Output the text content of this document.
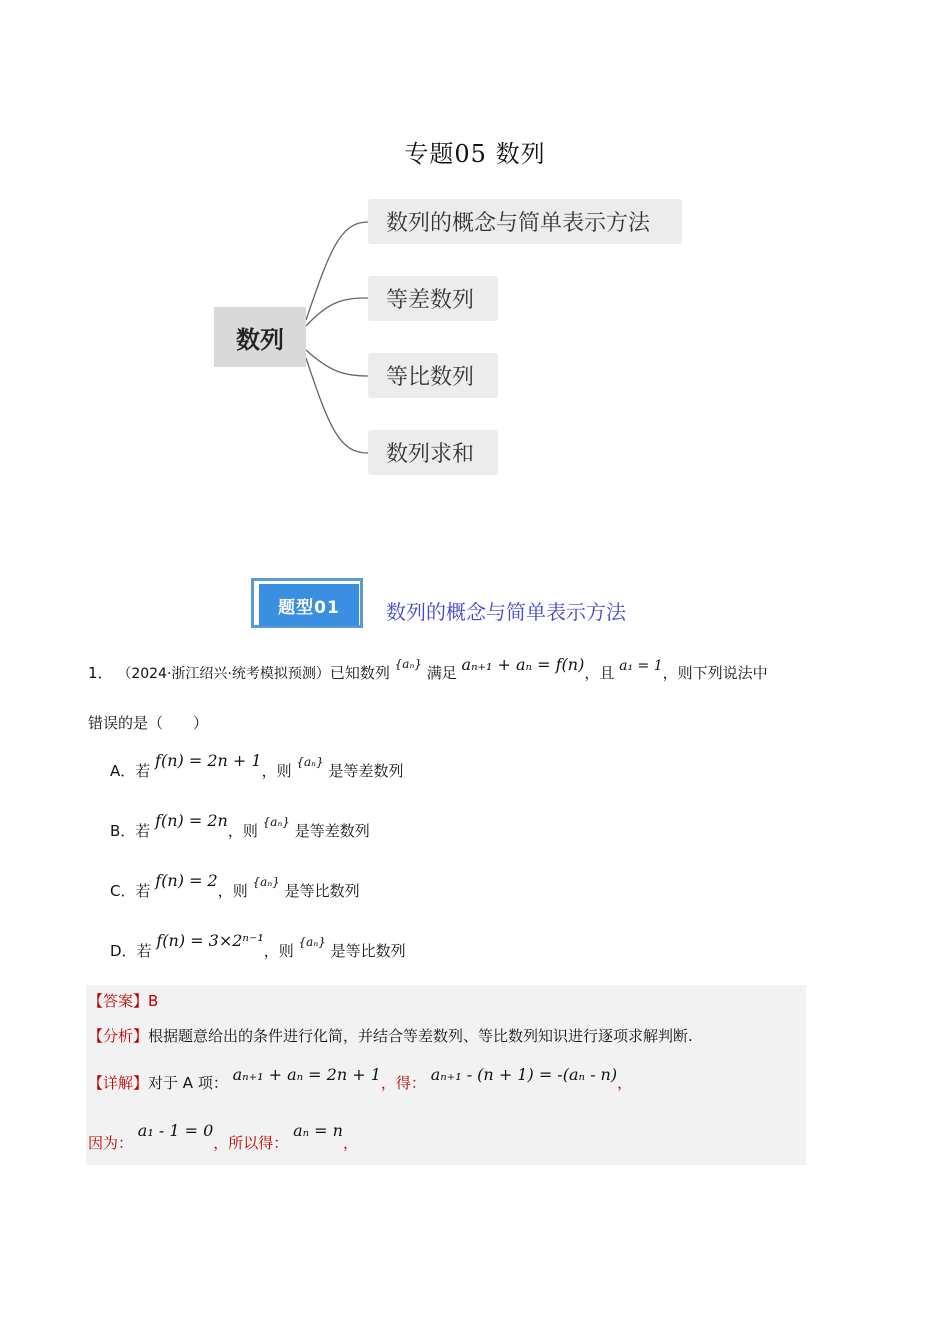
专题05 数列
数列
数列的概念与简单表示方法
等差数列
等比数列
数列求和
题型01	数列的概念与简单表示方法
1． （2024·浙江绍兴·统考模拟预测）已知数列 $^{\{a_n\}}$ 满足 aₙ₊₁ + aₙ = f(n)，且 a₁ = 1，则下列说法中
错误的是（　　）
A．若 f(n) = 2n + 1，则 $^{\{a_n\}}$ 是等差数列
B．若 f(n) = 2n，则 $^{\{a_n\}}$ 是等差数列
C．若 f(n) = 2，则 $^{\{a_n\}}$ 是等比数列
D．若 f(n) = 3×2ⁿ⁻¹，则 $^{\{a_n\}}$ 是等比数列
【答案】B
【分析】根据题意给出的条件进行化简，并结合等差数列、等比数列知识进行逐项求解判断.
【详解】对于 A 项： aₙ₊₁ + aₙ = 2n + 1，得： aₙ₊₁ - (n + 1) = -(aₙ - n)，
因为： a₁ - 1 = 0，所以得： aₙ = n，
